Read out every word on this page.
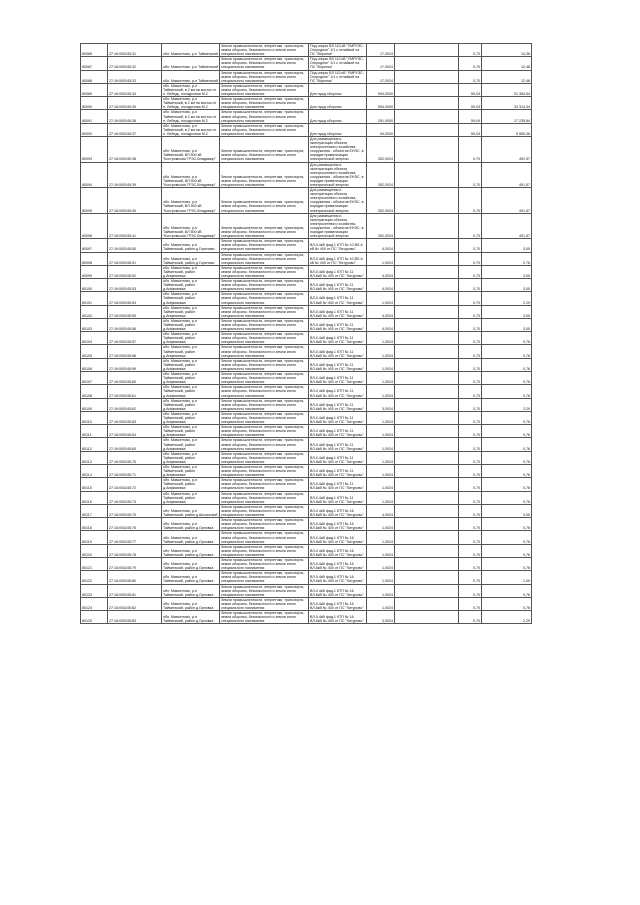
80085	27:16:000245:31	обл. Мамонтово, р-н Тайменский	Земли промышленности, энергетики, транспорта, земли обороны, безопасности и земли иного специального назначения	Под опоры ВЛ 110 кВ "УМРУЭС-Огородное" 1/1 с отпайкой на ПС "Воронок"	17,0024		0,70	14,38
80087	27:16:000245:32	обл. Мамонтово, р-н Тайменский	Земли промышленности, энергетики, транспорта, земли обороны, безопасности и земли иного специального назначения	Под опоры ВЛ 110 кВ "УМРУЭС-Огородное" 1/1 с отпайкой на ПС "Воронок"	17,0024		0,70	12,48
80088	27:16:000245:33	обл. Мамонтово, р-н Тайменский	Земли промышленности, энергетики, транспорта, земли обороны, безопасности и земли иного специального назначения	Под опоры ВЛ 110 кВ "УМРУЭС-Огородное" 1/1 с отпайкой на ПС "Воронок"	17,0024		0,70	12,48
80089	27:16:000245:34	обл. Мамонтово, р-н Тайменский, в 2 км на восток от п. Лебедь, посадочная М.2	Земли промышленности, энергетики, транспорта, земли обороны, безопасности и земли иного специального назначения	Для нужд обороны	594,0000		59,04	31 364,54
80090	27:16:000245:35	обл. Мамонтово, р-н Тайменский, в 2 км на восток от п. Лебедь, посадочная М.2	Земли промышленности, энергетики, транспорта, земли обороны, безопасности и земли иного специального назначения	Для нужд обороны	594,0000		59,04	33 314,34
80091	27:16:000245:36	обл. Мамонтово, р-н Тайменский, в 2 км на восток от п. Лебедь, посадочная М.2	Земли промышленности, энергетики, транспорта, земли обороны, безопасности и земли иного специального назначения	Для нужд обороны	291,0000		59,04	17 235,84
80092	27:16:000245:37	обл. Мамонтово, р-н Тайменский, в 2 км на восток от п. Лебедь, посадочная М.2	Земли промышленности, энергетики, транспорта, земли обороны, безопасности и земли иного специального назначения	Для нужд обороны	94,0000		59,04	5 555,36
80093	27:16:000245:38	обл. Мамонтово, р-н Тайменский, ВЛ 500 кВ "Костромская ГРЭС-Владимир"	Земли промышленности, энергетики, транспорта, земли обороны, безопасности и земли иного специального назначения	Для размещения и эксплуатации объекта электросетевого хозяйства, сооружения - объектов ЕНЭС, в порядке приватизации электрической энергии	352,0024		0,70	491,57
80094	27:16:000245:39	обл. Мамонтово, р-н Тайменский, ВЛ 500 кВ "Костромская ГРЭС-Владимир"	Земли промышленности, энергетики, транспорта, земли обороны, безопасности и земли иного специального назначения	Для размещения и эксплуатации объекта электросетевого хозяйства, сооружения - объектов ЕНЭС, в порядке приватизации электрической энергии	352,0024		0,70	491,57
80095	27:16:000245:40	обл. Мамонтово, р-н Тайменский, ВЛ 500 кВ "Костромская ГРЭС-Владимир"	Земли промышленности, энергетики, транспорта, земли обороны, безопасности и земли иного специального назначения	Для размещения и эксплуатации объекта электросетевого хозяйства, сооружения - объектов ЕНЭС, в порядке приватизации электрической энергии	352,0024		0,70	491,57
80096	27:16:000245:41	обл. Мамонтово, р-н Тайменский, ВЛ 500 кВ "Костромская ГРЭС-Владимир"	Земли промышленности, энергетики, транспорта, земли обороны, безопасности и земли иного специального назначения	Для размещения и эксплуатации объекта электросетевого хозяйства, сооружения - объектов ЕНЭС, в порядке приватизации электрической энергии	352,0024		0,70	491,57
80097	27:16:000245:50	обл. Мамонтово, р-н Тайменский, район д.Горелово	Земли промышленности, энергетики, транспорта, земли обороны, безопасности и земли иного специального назначения	ВЛ-0,4кВ фид.1 КТП № 10 ВЛ-6 кВ № 400 от ПС "Литурово"	4,0024		0,70	3,05
80098	27:16:000245:51	обл. Мамонтово, р-н Тайменский, район д.Горелово	Земли промышленности, энергетики, транспорта, земли обороны, безопасности и земли иного специального назначения	ВЛ-0,4кВ фид.1 КТП № 10 ВЛ-6 кВ № 400 от ПС "Литурово"	1,0024		0,70	0,76
80099	27:16:000245:52	обл. Мамонтово, р-н Тайменский, район д.Анфимовка	Земли промышленности, энергетики, транспорта, земли обороны, безопасности и земли иного специального назначения	ВЛ-0,4кВ фид.1 КТП № 11 ВЛ-6кВ № 400 от ПС "Литурово"	4,0024		0,70	3,05
80100	27:16:000245:53	обл. Мамонтово, р-н Тайменский, район д.Анфимовка	Земли промышленности, энергетики, транспорта, земли обороны, безопасности и земли иного специального назначения	ВЛ-0,4кВ фид.1 КТП № 11 ВЛ-6кВ № 400 от ПС "Литурово"	4,0024		0,70	3,05
80101	27:16:000245:54	обл. Мамонтово, р-н Тайменский, район д.Анфимовка	Земли промышленности, энергетики, транспорта, земли обороны, безопасности и земли иного специального назначения	ВЛ-0,4кВ фид.1 КТП № 11 ВЛ-6кВ № 400 от ПС "Литурово"	1,0024		0,70	2,29
80102	27:16:000245:55	обл. Мамонтово, р-н Тайменский, район д.Анфимовка	Земли промышленности, энергетики, транспорта, земли обороны, безопасности и земли иного специального назначения	ВЛ-0,4кВ фид.1 КТП № 11 ВЛ-6кВ № 400 от ПС "Литурово"	4,0024		0,70	3,05
80103	27:16:000245:56	обл. Мамонтово, р-н Тайменский, район д.Анфимовка	Земли промышленности, энергетики, транспорта, земли обороны, безопасности и земли иного специального назначения	ВЛ-0,4кВ фид.1 КТП № 11 ВЛ-6кВ № 400 от ПС "Литурово"	4,0024		0,70	3,05
80104	27:16:000245:57	обл. Мамонтово, р-н Тайменский, район д.Анфимовка	Земли промышленности, энергетики, транспорта, земли обороны, безопасности и земли иного специального назначения	ВЛ-0,4кВ фид.1 КТП № 11 ВЛ-6кВ № 400 от ПС "Литурово"	1,0024		0,70	0,76
80105	27:16:000245:58	обл. Мамонтово, р-н Тайменский, район д.Анфимовка	Земли промышленности, энергетики, транспорта, земли обороны, безопасности и земли иного специального назначения	ВЛ-0,4кВ фид.1 КТП № 11 ВЛ-6кВ № 400 от ПС "Литурово"	1,0024		0,70	0,76
80106	27:16:000245:59	обл. Мамонтово, р-н Тайменский, район д.Анфимовка	Земли промышленности, энергетики, транспорта, земли обороны, безопасности и земли иного специального назначения	ВЛ-0,4кВ фид.1 КТП № 11 ВЛ-6кВ № 400 от ПС "Литурово"	1,0024		0,70	0,76
80107	27:16:000245:60	обл. Мамонтово, р-н Тайменский, район д.Анфимовка	Земли промышленности, энергетики, транспорта, земли обороны, безопасности и земли иного специального назначения	ВЛ-0,4кВ фид.1 КТП № 11 ВЛ-6кВ № 400 от ПС "Литурово"	1,0024		0,70	0,76
80108	27:16:000245:61	обл. Мамонтово, р-н Тайменский, район д.Анфимовка	Земли промышленности, энергетики, транспорта, земли обороны, безопасности и земли иного специального назначения	ВЛ-0,4кВ фид.1 КТП № 11 ВЛ-6кВ № 400 от ПС "Литурово"	1,0024		0,70	0,76
80109	27:16:000245:62	обл. Мамонтово, р-н Тайменский, район д.Анфимовка	Земли промышленности, энергетики, транспорта, земли обороны, безопасности и земли иного специального назначения	ВЛ-0,4кВ фид.1 КТП № 11 ВЛ-6кВ № 400 от ПС "Литурово"	3,0024		0,70	2,29
80110	27:16:000245:63	обл. Мамонтово, р-н Тайменский, район д.Анфимовка	Земли промышленности, энергетики, транспорта, земли обороны, безопасности и земли иного специального назначения	ВЛ-0,4кВ фид.1 КТП № 11 ВЛ-6кВ № 400 от ПС "Литурово"	1,0024		0,70	0,76
80111	27:16:000245:64	обл. Мамонтово, р-н Тайменский, район д.Анфимовка	Земли промышленности, энергетики, транспорта, земли обороны, безопасности и земли иного специального назначения	ВЛ-0,4кВ фид.1 КТП № 11 ВЛ-6кВ № 400 от ПС "Литурово"	1,0024		0,70	0,76
80112	27:16:000245:65	обл. Мамонтово, р-н Тайменский, район д.Анфимовка	Земли промышленности, энергетики, транспорта, земли обороны, безопасности и земли иного специального назначения	ВЛ-0,4кВ фид.1 КТП № 11 ВЛ-6кВ № 400 от ПС "Литурово"	1,0024		0,70	0,76
80113	27:16:000245:70	обл. Мамонтово, р-н Тайменский, район д.Анфимовка	Земли промышленности, энергетики, транспорта, земли обороны, безопасности и земли иного специального назначения	ВЛ-0,4кВ фид.1 КТП № 11 ВЛ-6кВ № 400 от ПС "Литурово"	1,0024		0,70	0,76
80114	27:16:000245:71	обл. Мамонтово, р-н Тайменский, район д.Анфимовка	Земли промышленности, энергетики, транспорта, земли обороны, безопасности и земли иного специального назначения	ВЛ-0,4кВ фид.1 КТП № 11 ВЛ-6кВ № 400 от ПС "Литурово"	1,0024		0,70	0,76
80115	27:16:000245:72	обл. Мамонтово, р-н Тайменский, район д.Анфимовка	Земли промышленности, энергетики, транспорта, земли обороны, безопасности и земли иного специального назначения	ВЛ-0,4кВ фид.1 КТП № 11 ВЛ-6кВ № 400 от ПС "Литурово"	1,0024		0,70	0,76
80116	27:16:000245:73	обл. Мамонтово, р-н Тайменский, район д.Анфимовка	Земли промышленности, энергетики, транспорта, земли обороны, безопасности и земли иного специального назначения	ВЛ-0,4кВ фид.1 КТП № 11 ВЛ-6кВ № 400 от ПС "Литурово"	1,0024		0,70	0,76
80117	27:16:000245:75	обл. Мамонтово, р-н Тайменский, район д.Шохинский	Земли промышленности, энергетики, транспорта, земли обороны, безопасности и земли иного специального назначения	ВЛ-0,4кВ фид.1 КТП № 16 ВЛ-6кВ № 400 от ПС "Литурово"	4,0024		0,70	3,05
80118	27:16:000245:76	обл. Мамонтово, р-н Тайменский, район д.Орловка	Земли промышленности, энергетики, транспорта, земли обороны, безопасности и земли иного специального назначения	ВЛ-0,4кВ фид.1 КТП № 16 ВЛ-6кВ № 400 от ПС "Литурово"	1,0024		0,70	0,76
80119	27:16:000245:77	обл. Мамонтово, р-н Тайменский, район д.Орловка	Земли промышленности, энергетики, транспорта, земли обороны, безопасности и земли иного специального назначения	ВЛ-0,4кВ фид.1 КТП № 16 ВЛ-6кВ № 400 от ПС "Литурово"	1,0024		0,70	0,76
80120	27:16:000245:78	обл. Мамонтово, р-н Тайменский, район д.Орловка	Земли промышленности, энергетики, транспорта, земли обороны, безопасности и земли иного специального назначения	ВЛ-0,4кВ фид.1 КТП № 16 ВЛ-6кВ № 400 от ПС "Литурово"	1,0024		0,70	0,76
80121	27:16:000245:79	обл. Мамонтово, р-н Тайменский, район д.Орловка	Земли промышленности, энергетики, транспорта, земли обороны, безопасности и земли иного специального назначения	ВЛ-0,4кВ фид.1 КТП № 16 ВЛ-6кВ № 400 от ПС "Литурово"	1,0024		0,70	0,76
80122	27:16:000245:80	обл. Мамонтово, р-н Тайменский, район д.Орловка	Земли промышленности, энергетики, транспорта, земли обороны, безопасности и земли иного специального назначения	ВЛ-0,4кВ фид.1 КТП № 16 ВЛ-6кВ № 400 от ПС "Литурово"	1,0024		0,70	1,00
80123	27:16:000245:81	обл. Мамонтово, р-н Тайменский, район д.Орловка	Земли промышленности, энергетики, транспорта, земли обороны, безопасности и земли иного специального назначения	ВЛ-0,4кВ фид.1 КТП № 16 ВЛ-6кВ № 400 от ПС "Литурово"	1,0024		0,70	0,76
80124	27:16:000245:82	обл. Мамонтово, р-н Тайменский, район д.Орловка	Земли промышленности, энергетики, транспорта, земли обороны, безопасности и земли иного специального назначения	ВЛ-0,4кВ фид.1 КТП № 16 ВЛ-6кВ № 400 от ПС "Литурово"	1,0024		0,70	0,76
80125	27:16:000245:83	обл. Мамонтово, р-н Тайменский, район д.Орловка	Земли промышленности, энергетики, транспорта, земли обороны, безопасности и земли иного специального назначения	ВЛ-0,4кВ фид.1 КТП № 16 ВЛ-6кВ № 400 от ПС "Литурово"	3,0024		0,70	2,29
